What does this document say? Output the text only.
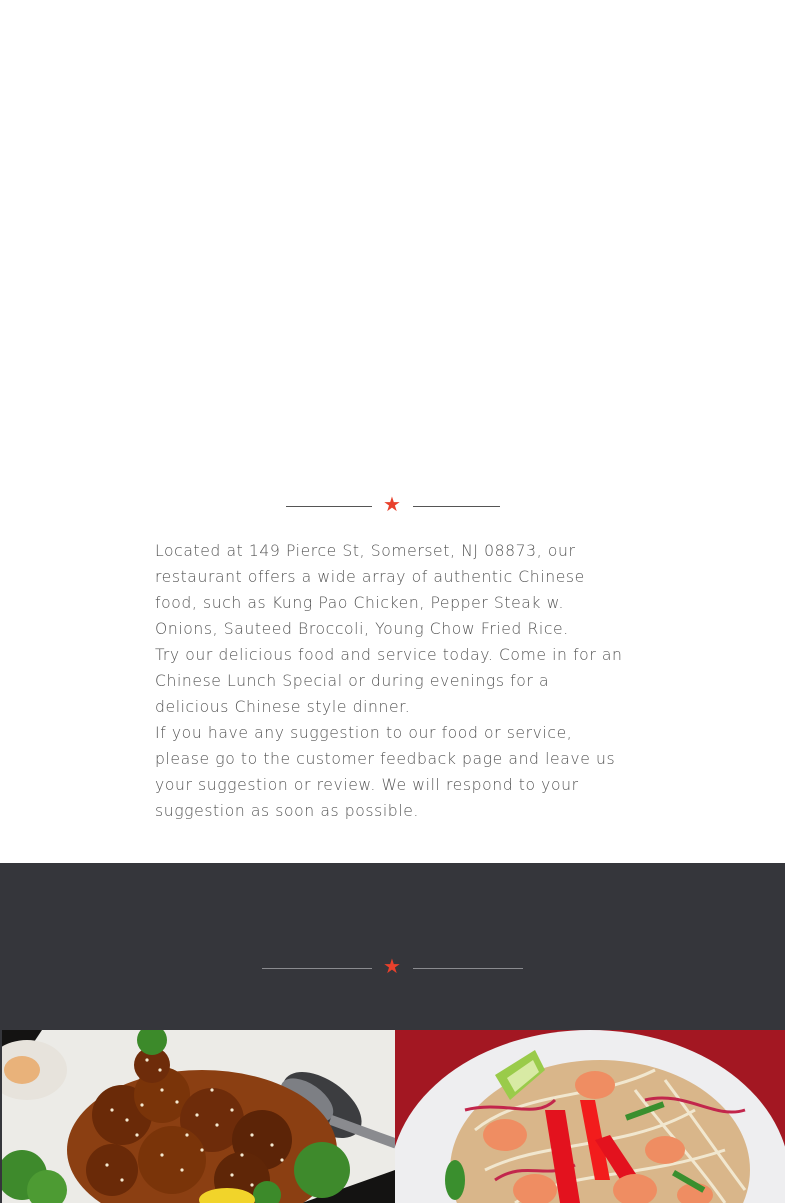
★

Located at 149 Pierce St, Somerset, NJ 08873, our restaurant offers a wide array of authentic Chinese food, such as Kung Pao Chicken, Pepper Steak w. Onions, Sauteed Broccoli, Young Chow Fried Rice.

Try our delicious food and service today. Come in for an Chinese Lunch Special or during evenings for a delicious Chinese style dinner.

If you have any suggestion to our food or service, please go to the customer feedback page and leave us your suggestion or review. We will respond to your suggestion as soon as possible.

★
